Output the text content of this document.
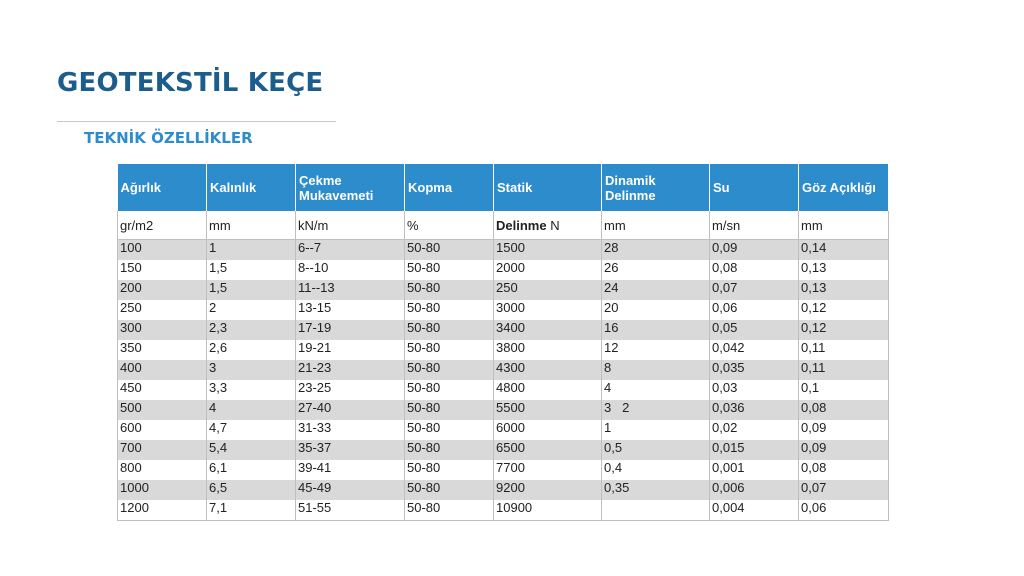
GEOTEKSTİL KEÇE
TEKNİK ÖZELLİKLER
Ağırlık	Kalınlık	Çekme Mukavemeti	Kopma	Statik	Dinamik Delinme	Su	Göz Açıklığı
gr/m2	mm	kN/m	%	Delinme N	mm	m/sn	mm
100	1	6--7	50-80	1500	28	0,09	0,14
150	1,5	8--10	50-80	2000	26	0,08	0,13
200	1,5	11--13	50-80	250	24	0,07	0,13
250	2	13-15	50-80	3000	20	0,06	0,12
300	2,3	17-19	50-80	3400	16	0,05	0,12
350	2,6	19-21	50-80	3800	12	0,042	0,11
400	3	21-23	50-80	4300	8	0,035	0,11
450	3,3	23-25	50-80	4800	4	0,03	0,1
500	4	27-40	50-80	5500	3   2	0,036	0,08
600	4,7	31-33	50-80	6000	1	0,02	0,09
700	5,4	35-37	50-80	6500	0,5	0,015	0,09
800	6,1	39-41	50-80	7700	0,4	0,001	0,08
1000	6,5	45-49	50-80	9200	0,35	0,006	0,07
1200	7,1	51-55	50-80	10900		0,004	0,06
